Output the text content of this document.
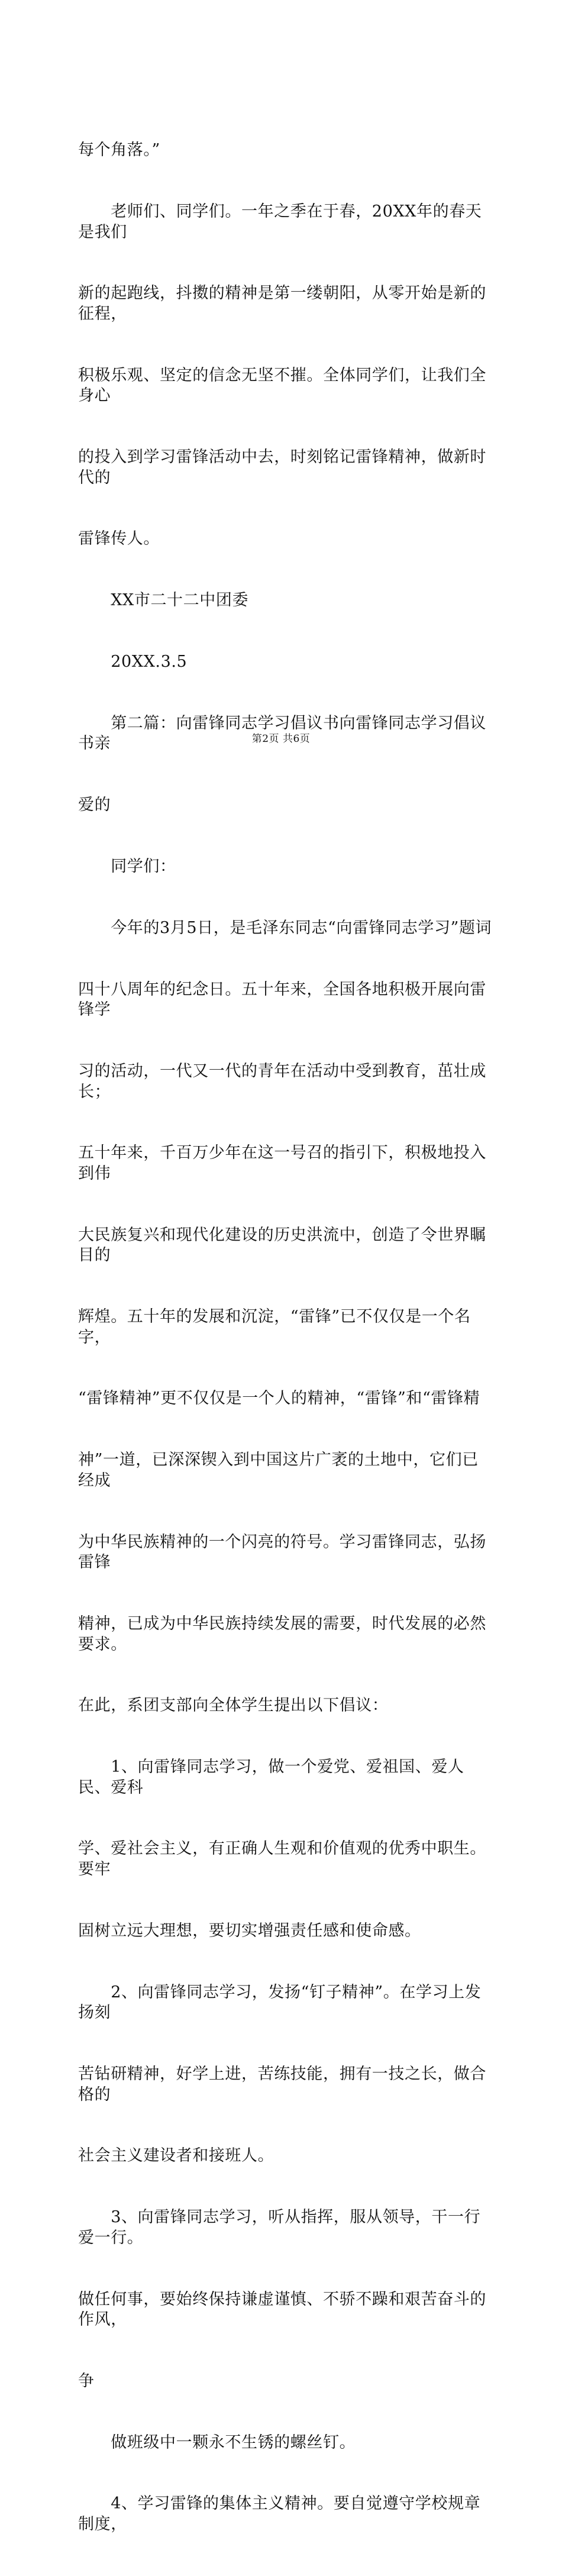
每个角落。”

　　老师们、同学们。一年之季在于春，20XX年的春天是我们

新的起跑线，抖擞的精神是第一缕朝阳，从零开始是新的征程，

积极乐观、坚定的信念无坚不摧。全体同学们，让我们全身心

的投入到学习雷锋活动中去，时刻铭记雷锋精神，做新时代的

雷锋传人。

　　XX市二十二中团委

　　20XX.3.5

　　第二篇：向雷锋同志学习倡议书向雷锋同志学习倡议书亲

爱的

　　同学们：

　　今年的3月5日，是毛泽东同志“向雷锋同志学习”题词

四十八周年的纪念日。五十年来，全国各地积极开展向雷锋学

习的活动，一代又一代的青年在活动中受到教育，茁壮成长；

五十年来，千百万少年在这一号召的指引下，积极地投入到伟

大民族复兴和现代化建设的历史洪流中，创造了令世界瞩目的

辉煌。五十年的发展和沉淀，“雷锋”已不仅仅是一个名字，

“雷锋精神”更不仅仅是一个人的精神，“雷锋”和“雷锋精

神”一道，已深深锲入到中国这片广袤的土地中，它们已经成

为中华民族精神的一个闪亮的符号。学习雷锋同志，弘扬雷锋

精神，已成为中华民族持续发展的需要，时代发展的必然要求。

在此，系团支部向全体学生提出以下倡议：

　　1、向雷锋同志学习，做一个爱党、爱祖国、爱人民、爱科

学、爱社会主义，有正确人生观和价值观的优秀中职生。要牢

固树立远大理想，要切实增强责任感和使命感。

　　2、向雷锋同志学习，发扬“钉子精神”。在学习上发扬刻

苦钻研精神，好学上进，苦练技能，拥有一技之长，做合格的

社会主义建设者和接班人。

　　3、向雷锋同志学习，听从指挥，服从领导，干一行爱一行。

做任何事，要始终保持谦虚谨慎、不骄不躁和艰苦奋斗的作风，

争

　　做班级中一颗永不生锈的螺丝钉。

　　4、学习雷锋的集体主义精神。要自觉遵守学校规章制度，

第2页 共6页
